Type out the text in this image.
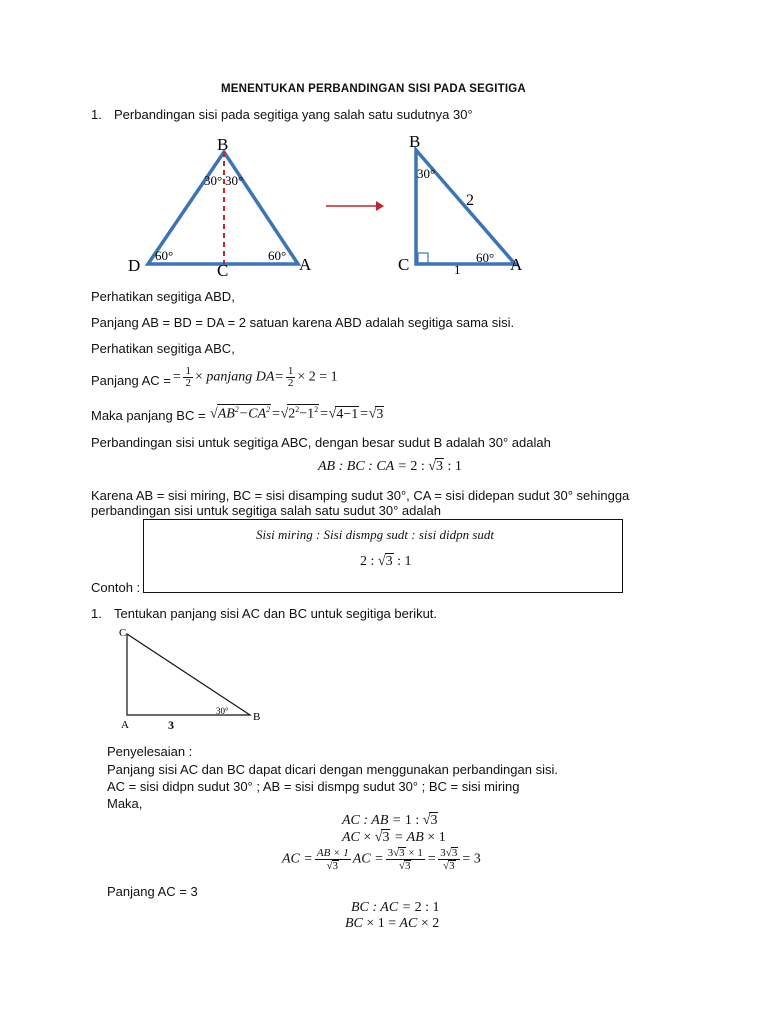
MENENTUKAN PERBANDINGAN SISI PADA SEGITIGA
1. Perbandingan sisi pada segitiga yang salah satu sudutnya 30°
B
D	C	A
30° 30°
60°	60°
B
C	A
30°
60°
2
1
Perhatikan segitiga ABD,
Panjang AB = BD = DA = 2 satuan karena ABD adalah segitiga sama sisi.
Perhatikan segitiga ABC,
Panjang AC = = $\frac{1}{2}$ × panjang $DA= \frac{1}{2} \times 2 = 1$
Maka panjang BC = $√AB^2-CA^2=√2^2-1^2=√4-1=√3$
Perbandingan sisi untuk segitiga ABC, dengan besar sudut B adalah 30° adalah
AB : BC : CA = 2 : √3 : 1
Karena AB = sisi miring, BC = sisi disamping sudut 30°, CA = sisi didepan sudut 30° sehingga
perbandingan sisi untuk segitiga salah satu sudut 30° adalah
Sisi miring : Sisi dismpg sudt : sisi didpn sudt
2 : √3 : 1
Contoh :
1. Tentukan panjang sisi AC dan BC untuk segitiga berikut.
C
A
B
30°
3
Penyelesaian :
Panjang sisi AC dan BC dapat dicari dengan menggunakan perbandingan sisi.
AC = sisi didpn sudut 30° ; AB = sisi dismpg sudut 30° ; BC = sisi miring
Maka,
AC : AB = 1 : √3
AC × √3 = AB × 1
AC = $\frac{AB \times 1}{√3}$ AC = $\frac{3√3 \times 1}{√3} = \frac{3√3}{√3} = 3$
Panjang AC = 3
BC : AC = 2 : 1
BC × 1 = AC × 2
